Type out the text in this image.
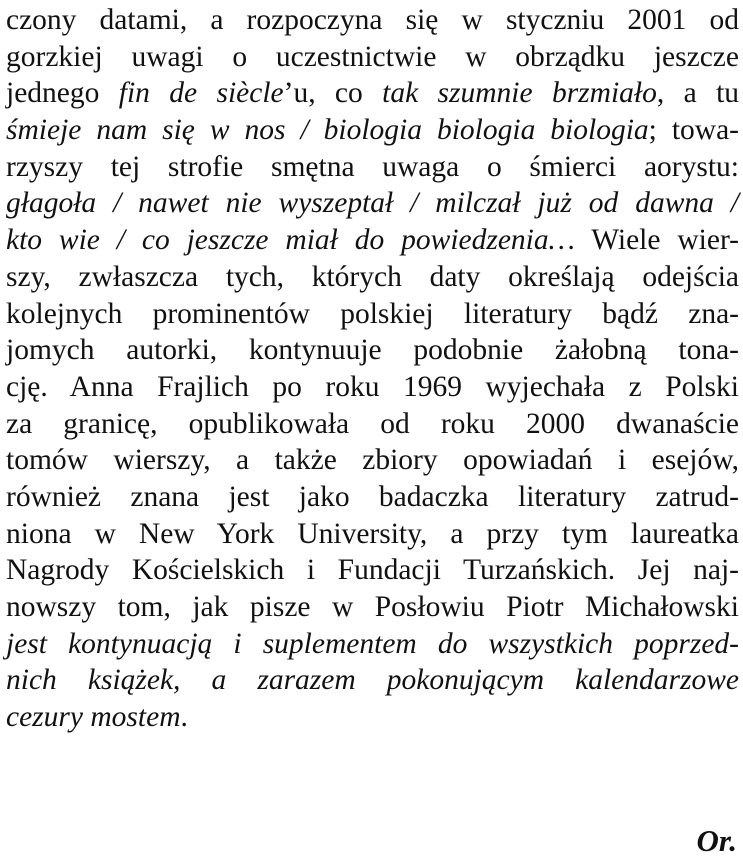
czony datami, a rozpoczyna się w styczniu 2001 od
gorzkiej uwagi o uczestnictwie w obrządku jeszcze
jednego fin de siècle’u, co tak szumnie brzmiało, a tu
śmieje nam się w nos / biologia biologia biologia; towa-
rzyszy tej strofie smętna uwaga o śmierci aorystu:
głagoła / nawet nie wyszeptał / milczał już od dawna /
kto wie / co jeszcze miał do powiedzenia… Wiele wier-
szy, zwłaszcza tych, których daty określają odejścia
kolejnych prominentów polskiej literatury bądź zna-
jomych autorki, kontynuuje podobnie żałobną tona-
cję. Anna Frajlich po roku 1969 wyjechała z Polski
za granicę, opublikowała od roku 2000 dwanaście
tomów wierszy, a także zbiory opowiadań i esejów,
również znana jest jako badaczka literatury zatrud-
niona w New York University, a przy tym laureatka
Nagrody Kościelskich i Fundacji Turzańskich. Jej naj-
nowszy tom, jak pisze w Posłowiu Piotr Michałowski
jest kontynuacją i suplementem do wszystkich poprzed-
nich książek, a zarazem pokonującym kalendarzowe
cezury mostem.
Or.
